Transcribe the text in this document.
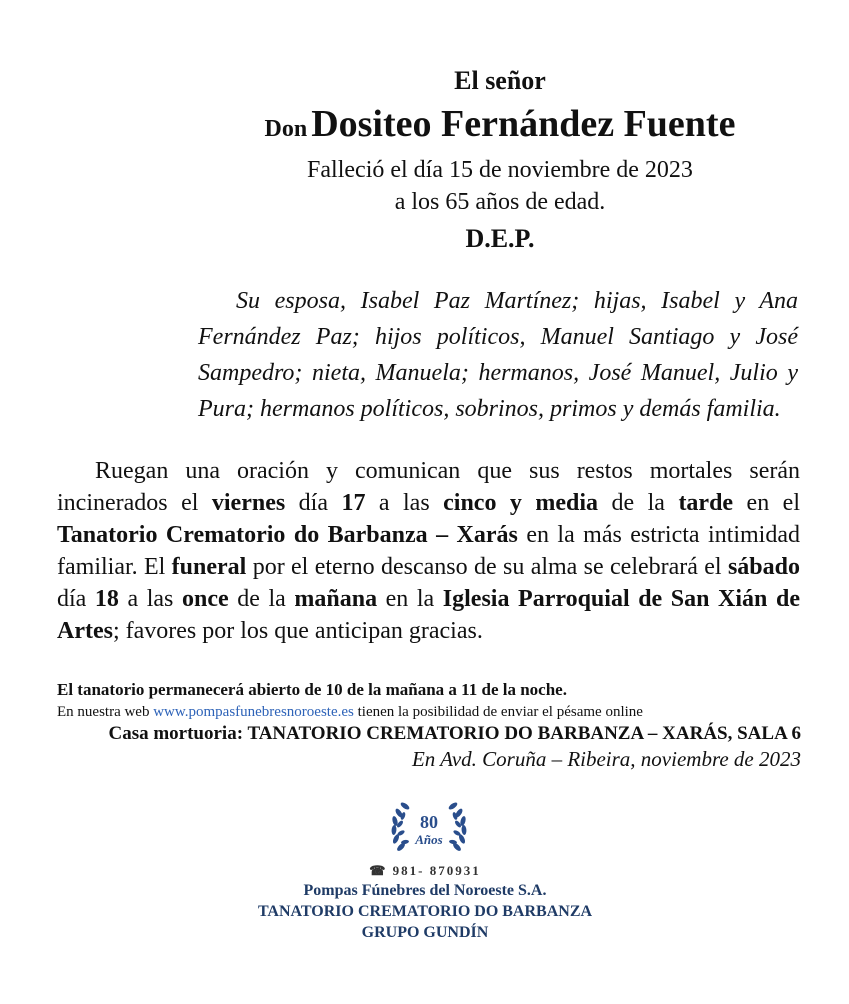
El señor
Don Dositeo Fernández Fuente
Falleció el día 15 de noviembre de 2023
a los 65 años de edad.
D.E.P.
Su esposa, Isabel Paz Martínez; hijas, Isabel y Ana Fernández Paz; hijos políticos, Manuel Santiago y José Sampedro; nieta, Manuela; hermanos, José Manuel, Julio y Pura; hermanos políticos, sobrinos, primos y demás familia.
Ruegan una oración y comunican que sus restos mortales serán incinerados el viernes día 17 a las cinco y media de la tarde en el Tanatorio Crematorio do Barbanza – Xarás en la más estricta intimidad familiar. El funeral por el eterno descanso de su alma se celebrará el sábado día 18 a las once de la mañana en la Iglesia Parroquial de San Xián de Artes; favores por los que anticipan gracias.
El tanatorio permanecerá abierto de 10 de la mañana a 11 de la noche.
En nuestra web www.pompasfunebresnoroeste.es tienen la posibilidad de enviar el pésame online
Casa mortuoria: TANATORIO CREMATORIO DO BARBANZA – XARÁS, SALA 6
En Avd. Coruña – Ribeira, noviembre de 2023
80
Años
☎ 981- 870931
Pompas Fúnebres del Noroeste S.A.
TANATORIO CREMATORIO DO BARBANZA
GRUPO GUNDÍN
